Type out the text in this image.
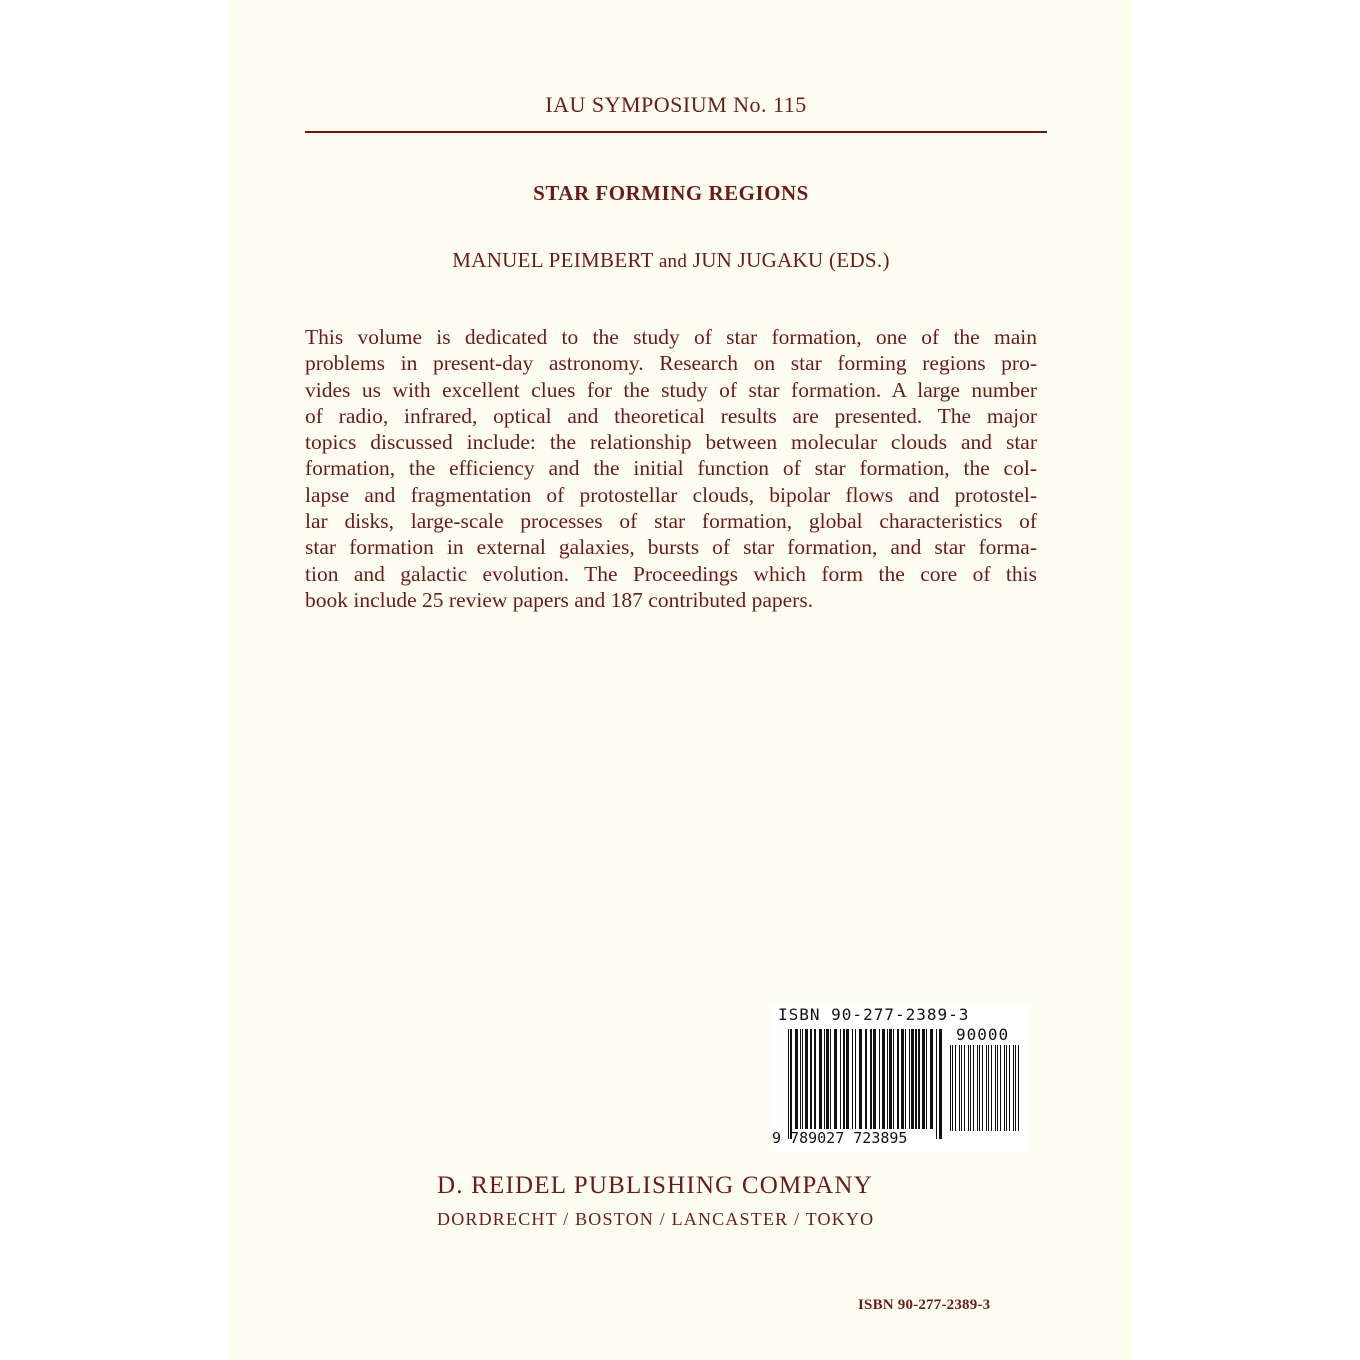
IAU SYMPOSIUM No. 115
STAR FORMING REGIONS
MANUEL PEIMBERT and JUN JUGAKU (EDS.)
This volume is dedicated to the study of star formation, one of the main
problems in present-day astronomy. Research on star forming regions pro-
vides us with excellent clues for the study of star formation. A large number
of radio, infrared, optical and theoretical results are presented. The major
topics discussed include: the relationship between molecular clouds and star
formation, the efficiency and the initial function of star formation, the col-
lapse and fragmentation of protostellar clouds, bipolar flows and protostel-
lar disks, large-scale processes of star formation, global characteristics of
star formation in external galaxies, bursts of star formation, and star forma-
tion and galactic evolution. The Proceedings which form the core of this
book include 25 review papers and 187 contributed papers.
ISBN 90-277-2389-3
90000
9 789027 723895
D. REIDEL PUBLISHING COMPANY
DORDRECHT / BOSTON / LANCASTER / TOKYO
ISBN 90-277-2389-3
